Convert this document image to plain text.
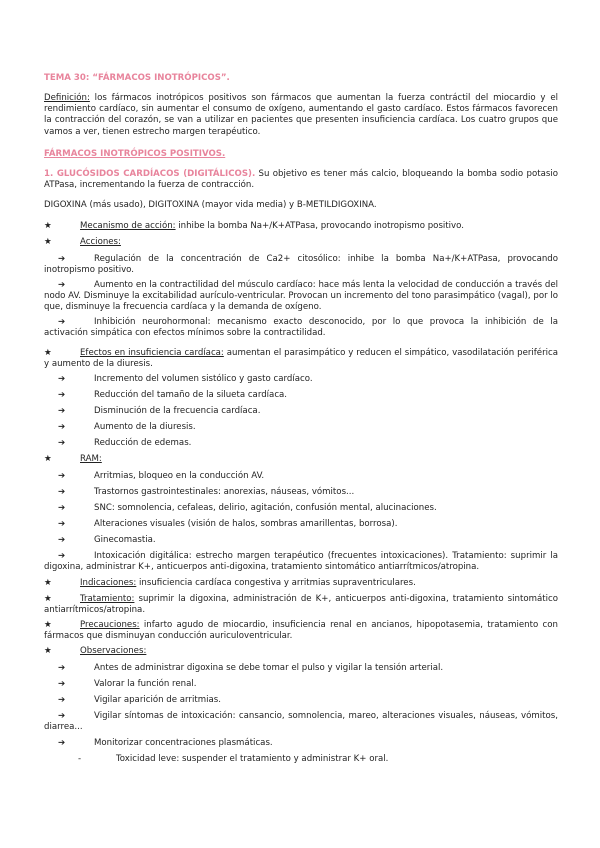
TEMA 30: “FÁRMACOS INOTRÓPICOS”.

Definición: los fármacos inotrópicos positivos son fármacos que aumentan la fuerza contráctil del miocardio y el rendimiento cardíaco, sin aumentar el consumo de oxígeno, aumentando el gasto cardíaco. Estos fármacos favorecen la contracción del corazón, se van a utilizar en pacientes que presenten insuficiencia cardíaca. Los cuatro grupos que vamos a ver, tienen estrecho margen terapéutico.

FÁRMACOS INOTRÓPICOS POSITIVOS.

1. GLUCÓSIDOS CARDÍACOS (DIGITÁLICOS). Su objetivo es tener más calcio, bloqueando la bomba sodio potasio ATPasa, incrementando la fuerza de contracción.

DIGOXINA (más usado), DIGITOXINA (mayor vida media) y B-METILDIGOXINA.

★	Mecanismo de acción: inhibe la bomba Na+/K+ATPasa, provocando inotropismo positivo.
★	Acciones:
➔	Regulación de la concentración de Ca2+ citosólico: inhibe la bomba Na+/K+ATPasa, provocando inotropismo positivo.
➔	Aumento en la contractilidad del músculo cardíaco: hace más lenta la velocidad de conducción a través del nodo AV. Disminuye la excitabilidad aurículo-ventricular. Provocan un incremento del tono parasimpático (vagal), por lo que, disminuye la frecuencia cardíaca y la demanda de oxígeno.
➔	Inhibición neurohormonal: mecanismo exacto desconocido, por lo que provoca la inhibición de la activación simpática con efectos mínimos sobre la contractilidad.
★	Efectos en insuficiencia cardíaca: aumentan el parasimpático y reducen el simpático, vasodilatación periférica y aumento de la diuresis.
➔	Incremento del volumen sistólico y gasto cardíaco.
➔	Reducción del tamaño de la silueta cardíaca.
➔	Disminución de la frecuencia cardíaca.
➔	Aumento de la diuresis.
➔	Reducción de edemas.
★	RAM:
➔	Arritmias, bloqueo en la conducción AV.
➔	Trastornos gastrointestinales: anorexias, náuseas, vómitos...
➔	SNC: somnolencia, cefaleas, delirio, agitación, confusión mental, alucinaciones.
➔	Alteraciones visuales (visión de halos, sombras amarillentas, borrosa).
➔	Ginecomastia.
➔	Intoxicación digitálica: estrecho margen terapéutico (frecuentes intoxicaciones). Tratamiento: suprimir la digoxina, administrar K+, anticuerpos anti-digoxina, tratamiento sintomático antiarrítmicos/atropina.
★	Indicaciones: insuficiencia cardíaca congestiva y arritmias supraventriculares.
★	Tratamiento: suprimir la digoxina, administración de K+, anticuerpos anti-digoxina, tratamiento sintomático antiarrítmicos/atropina.
★	Precauciones: infarto agudo de miocardio, insuficiencia renal en ancianos, hipopotasemia, tratamiento con fármacos que disminuyan conducción auriculoventricular.
★	Observaciones:
➔	Antes de administrar digoxina se debe tomar el pulso y vigilar la tensión arterial.
➔	Valorar la función renal.
➔	Vigilar aparición de arritmias.
➔	Vigilar síntomas de intoxicación: cansancio, somnolencia, mareo, alteraciones visuales, náuseas, vómitos, diarrea...
➔	Monitorizar concentraciones plasmáticas.
-	Toxicidad leve: suspender el tratamiento y administrar K+ oral.
